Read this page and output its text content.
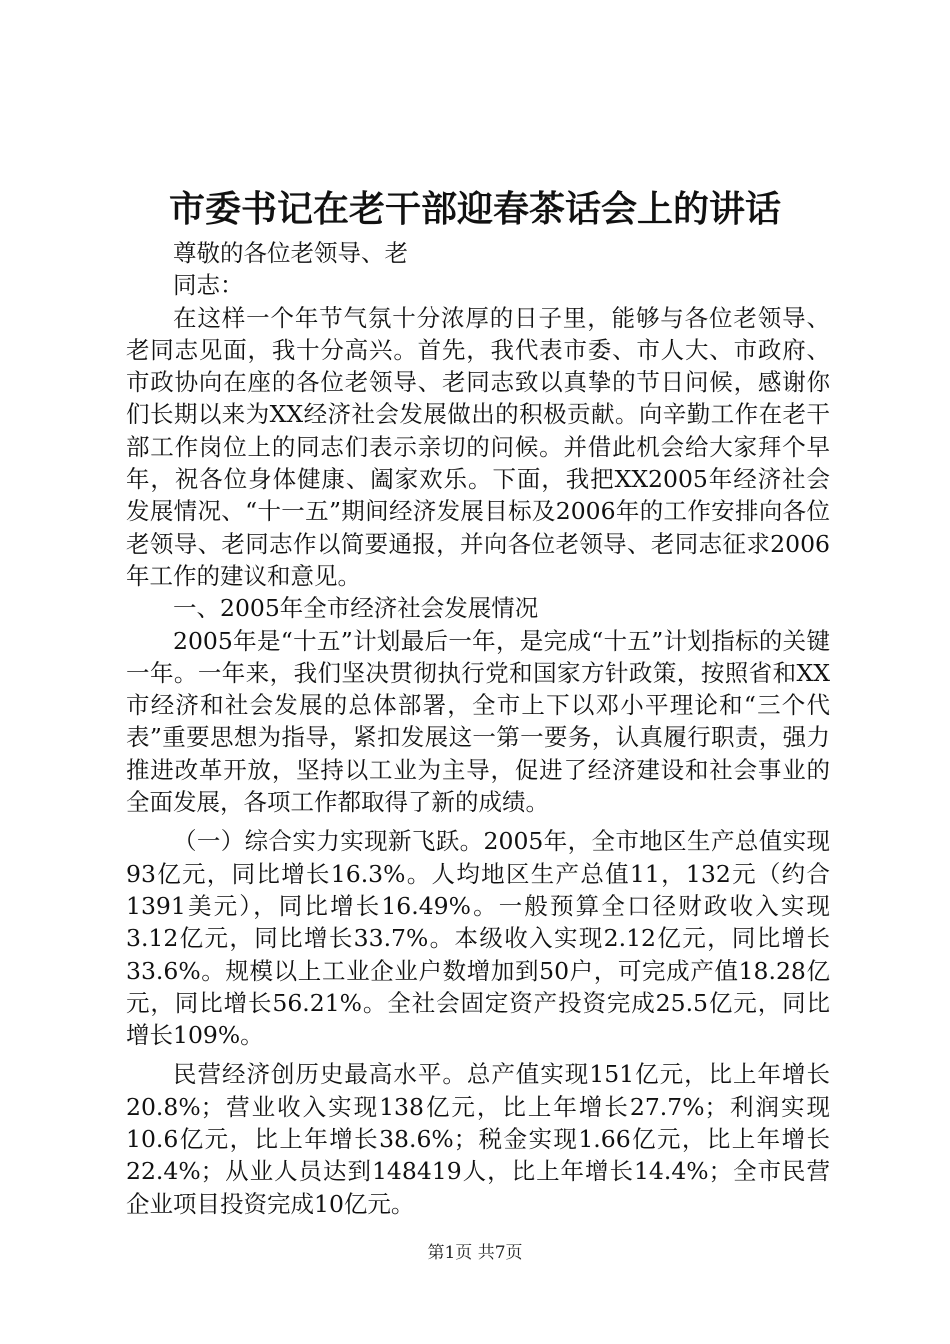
市委书记在老干部迎春茶话会上的讲话

尊敬的各位老领导、老

同志：

在这样一个年节气氛十分浓厚的日子里，能够与各位老领导、老同志见面，我十分高兴。首先，我代表市委、市人大、市政府、市政协向在座的各位老领导、老同志致以真挚的节日问候，感谢你们长期以来为XX经济社会发展做出的积极贡献。向辛勤工作在老干部工作岗位上的同志们表示亲切的问候。并借此机会给大家拜个早年，祝各位身体健康、阖家欢乐。下面，我把XX2005年经济社会发展情况、“十一五”期间经济发展目标及2006年的工作安排向各位老领导、老同志作以简要通报，并向各位老领导、老同志征求2006年工作的建议和意见。

一、2005年全市经济社会发展情况

2005年是“十五”计划最后一年，是完成“十五”计划指标的关键一年。一年来，我们坚决贯彻执行党和国家方针政策，按照省和XX市经济和社会发展的总体部署，全市上下以邓小平理论和“三个代表”重要思想为指导，紧扣发展这一第一要务，认真履行职责，强力推进改革开放，坚持以工业为主导，促进了经济建设和社会事业的全面发展，各项工作都取得了新的成绩。

（一）综合实力实现新飞跃。2005年，全市地区生产总值实现93亿元，同比增长16.3%。人均地区生产总值11，132元（约合1391美元），同比增长16.49%。一般预算全口径财政收入实现3.12亿元，同比增长33.7%。本级收入实现2.12亿元，同比增长33.6%。规模以上工业企业户数增加到50户，可完成产值18.28亿元，同比增长56.21%。全社会固定资产投资完成25.5亿元，同比增长109%。

民营经济创历史最高水平。总产值实现151亿元，比上年增长20.8%；营业收入实现138亿元，比上年增长27.7%；利润实现10.6亿元，比上年增长38.6%；税金实现1.66亿元，比上年增长22.4%；从业人员达到148419人，比上年增长14.4%；全市民营企业项目投资完成10亿元。

第1页 共7页
